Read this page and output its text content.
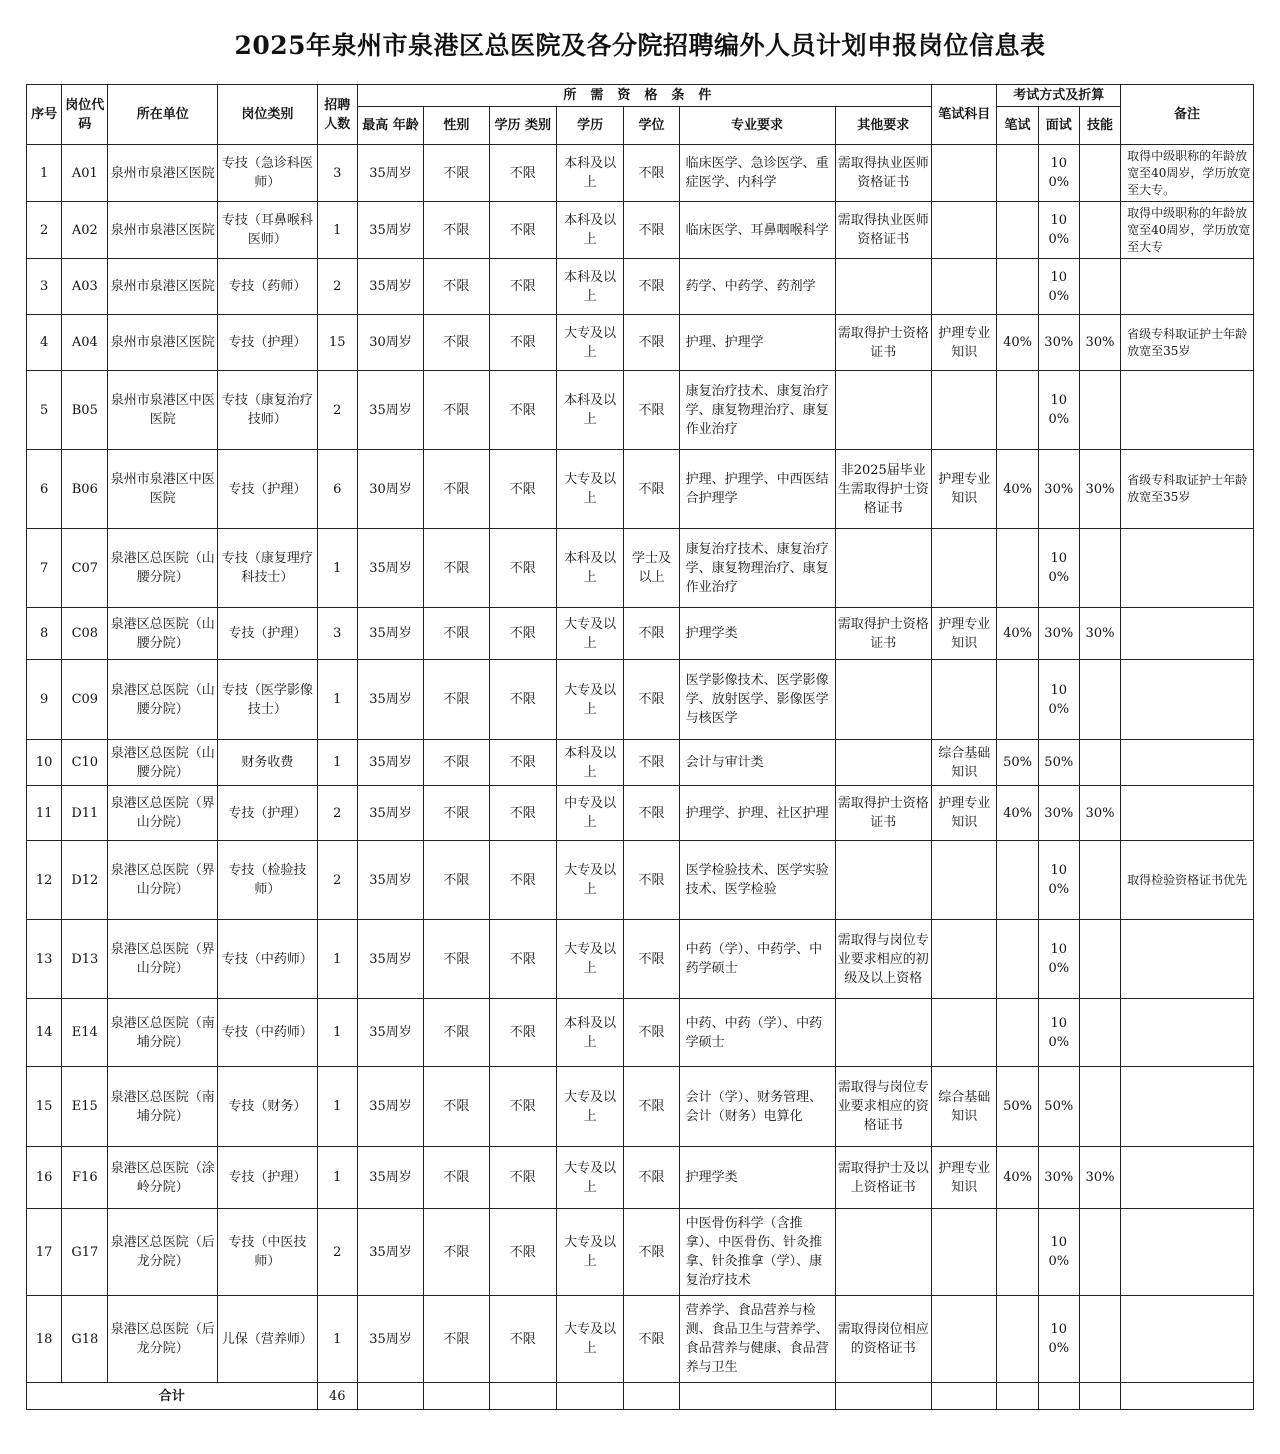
2025年泉州市泉港区总医院及各分院招聘编外人员计划申报岗位信息表
序号	岗位代码	所在单位	岗位类别	招聘人数	所需资格条件							笔试科目	考试方式及折算			备注
					最高 年龄	性别	学历 类别	学历	学位	专业要求	其他要求		笔试	面试	技能	

1	A01	泉州市泉港区医院	专技（急诊科医师）	3	35周岁	不限	不限	本科及以上	不限	临床医学、急诊医学、重症医学、内科学	需取得执业医师资格证书			100%		取得中级职称的年龄放宽至40周岁，学历放宽至大专。

2	A02	泉州市泉港区医院	专技（耳鼻喉科医师）	1	35周岁	不限	不限	本科及以上	不限	临床医学、耳鼻咽喉科学	需取得执业医师资格证书			100%		取得中级职称的年龄放宽至40周岁，学历放宽至大专

3	A03	泉州市泉港区医院	专技（药师）	2	35周岁	不限	不限	本科及以上	不限	药学、中药学、药剂学				100%		

4	A04	泉州市泉港区医院	专技（护理）	15	30周岁	不限	不限	大专及以上	不限	护理、护理学	需取得护士资格证书	护理专业知识	40%	30%	30%	省级专科取证护士年龄放宽至35岁

5	B05	泉州市泉港区中医医院	专技（康复治疗技师）	2	35周岁	不限	不限	本科及以上	不限	康复治疗技术、康复治疗学、康复物理治疗、康复作业治疗				100%		

6	B06	泉州市泉港区中医医院	专技（护理）	6	30周岁	不限	不限	大专及以上	不限	护理、护理学、中西医结合护理学	非2025届毕业生需取得护士资格证书	护理专业知识	40%	30%	30%	省级专科取证护士年龄放宽至35岁

7	C07	泉港区总医院（山腰分院）	专技（康复理疗科技士）	1	35周岁	不限	不限	本科及以上	学士及以上	康复治疗技术、康复治疗学、康复物理治疗、康复作业治疗				100%		

8	C08	泉港区总医院（山腰分院）	专技（护理）	3	35周岁	不限	不限	大专及以上	不限	护理学类	需取得护士资格证书	护理专业知识	40%	30%	30%	

9	C09	泉港区总医院（山腰分院）	专技（医学影像技士）	1	35周岁	不限	不限	大专及以上	不限	医学影像技术、医学影像学、放射医学、影像医学与核医学				100%		

10	C10	泉港区总医院（山腰分院）	财务收费	1	35周岁	不限	不限	本科及以上	不限	会计与审计类		综合基础知识	50%	50%		

11	D11	泉港区总医院（界山分院）	专技（护理）	2	35周岁	不限	不限	中专及以上	不限	护理学、护理、社区护理	需取得护士资格证书	护理专业知识	40%	30%	30%	

12	D12	泉港区总医院（界山分院）	专技（检验技师）	2	35周岁	不限	不限	大专及以上	不限	医学检验技术、医学实验技术、医学检验				100%		取得检验资格证书优先

13	D13	泉港区总医院（界山分院）	专技（中药师）	1	35周岁	不限	不限	大专及以上	不限	中药（学）、中药学、中药学硕士	需取得与岗位专业要求相应的初级及以上资格			100%		

14	E14	泉港区总医院（南埔分院）	专技（中药师）	1	35周岁	不限	不限	本科及以上	不限	中药、中药（学）、中药学硕士				100%		

15	E15	泉港区总医院（南埔分院）	专技（财务）	1	35周岁	不限	不限	大专及以上	不限	会计（学）、财务管理、会计（财务）电算化	需取得与岗位专业要求相应的资格证书	综合基础知识	50%	50%		

16	F16	泉港区总医院（涂岭分院）	专技（护理）	1	35周岁	不限	不限	大专及以上	不限	护理学类	需取得护士及以上资格证书	护理专业知识	40%	30%	30%	

17	G17	泉港区总医院（后龙分院）	专技（中医技师）	2	35周岁	不限	不限	大专及以上	不限	中医骨伤科学（含推拿）、中医骨伤、针灸推拿、针灸推拿（学）、康复治疗技术				100%		

18	G18	泉港区总医院（后龙分院）	儿保（营养师）	1	35周岁	不限	不限	大专及以上	不限	营养学、食品营养与检测、食品卫生与营养学、食品营养与健康、食品营养与卫生	需取得岗位相应的资格证书			100%		

合计				46												
